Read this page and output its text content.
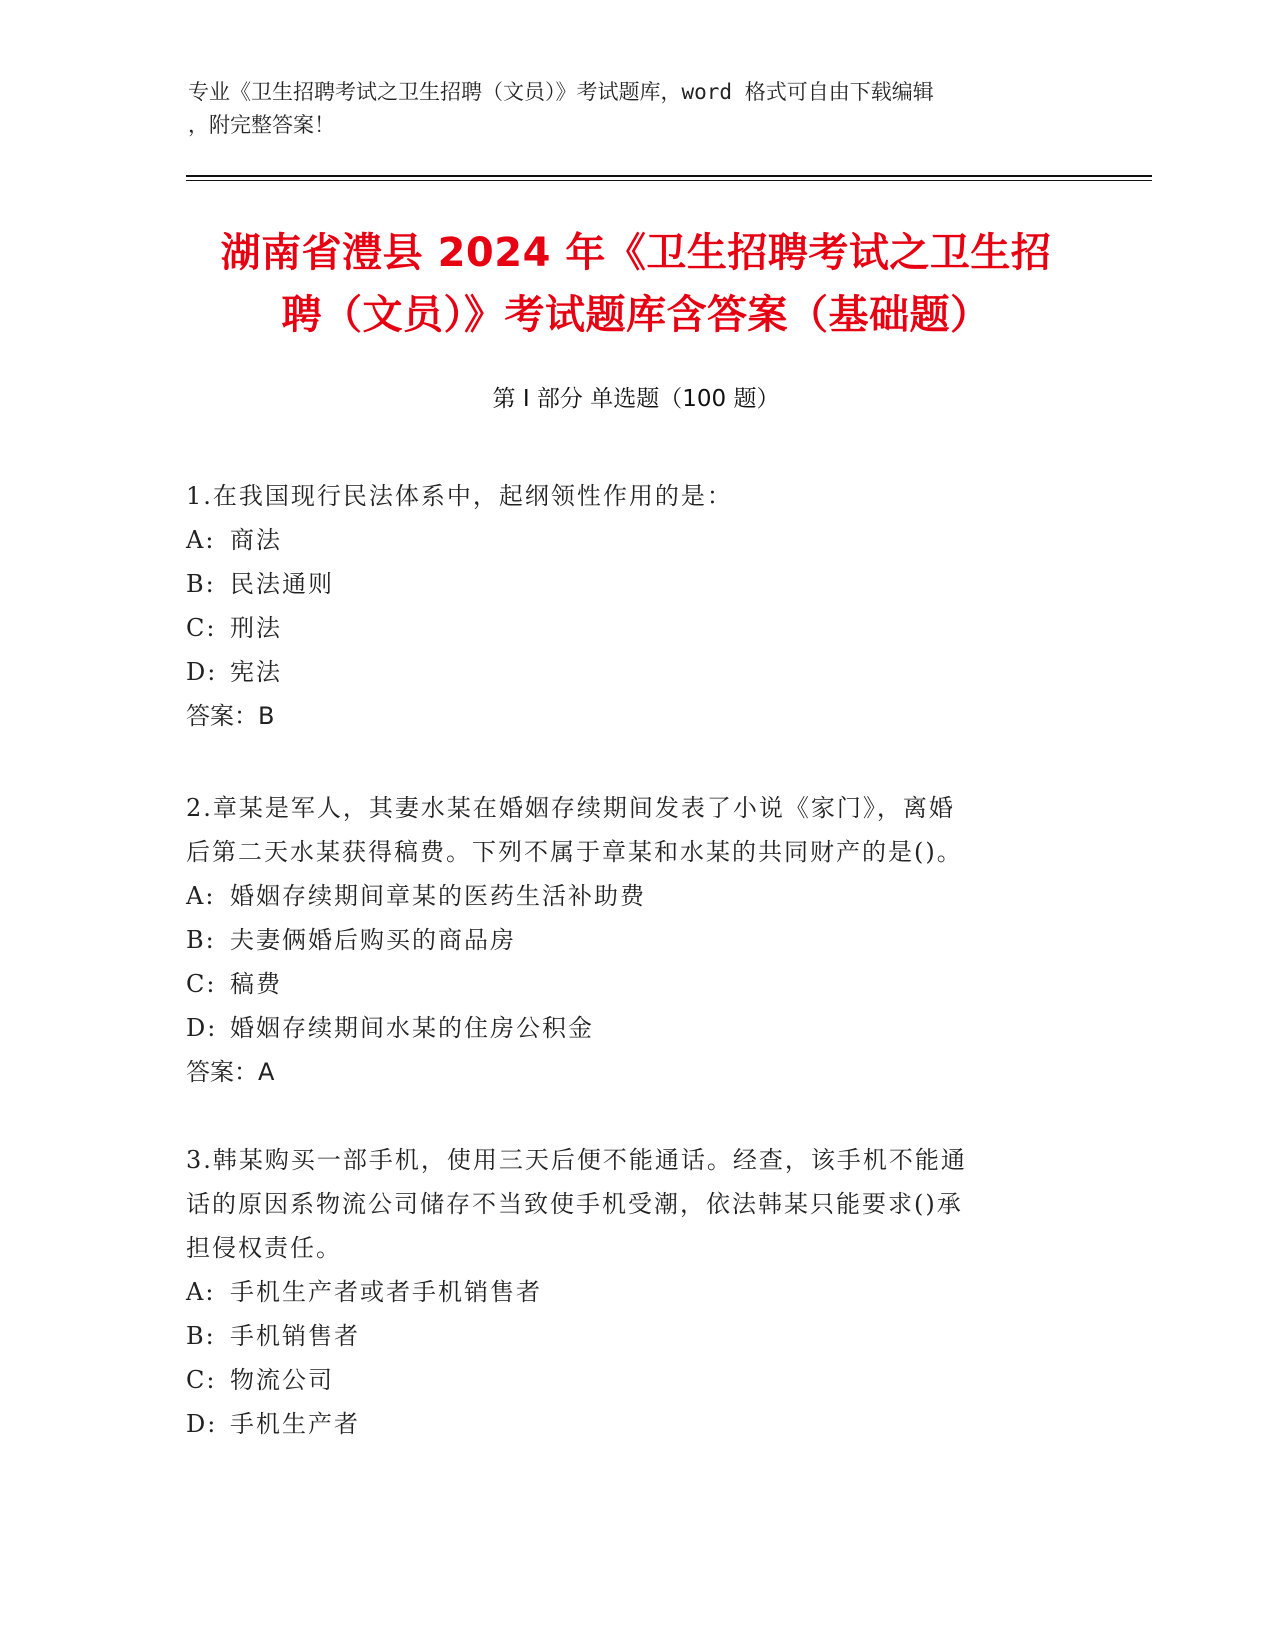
专业《卫生招聘考试之卫生招聘（文员）》考试题库，word 格式可自由下载编辑
，附完整答案！
湖南省澧县 2024 年《卫生招聘考试之卫生招
聘（文员）》考试题库含答案（基础题）
第 I 部分 单选题（100 题）

1.在我国现行民法体系中，起纲领性作用的是：

A: 商法

B: 民法通则

C: 刑法

D: 宪法

答案：B

2.章某是军人，其妻水某在婚姻存续期间发表了小说《家门》，离婚

后第二天水某获得稿费。下列不属于章某和水某的共同财产的是()。

A: 婚姻存续期间章某的医药生活补助费

B: 夫妻俩婚后购买的商品房

C: 稿费

D: 婚姻存续期间水某的住房公积金

答案：A

3.韩某购买一部手机，使用三天后便不能通话。经查，该手机不能通

话的原因系物流公司储存不当致使手机受潮，依法韩某只能要求()承

担侵权责任。

A: 手机生产者或者手机销售者

B: 手机销售者

C: 物流公司

D: 手机生产者
